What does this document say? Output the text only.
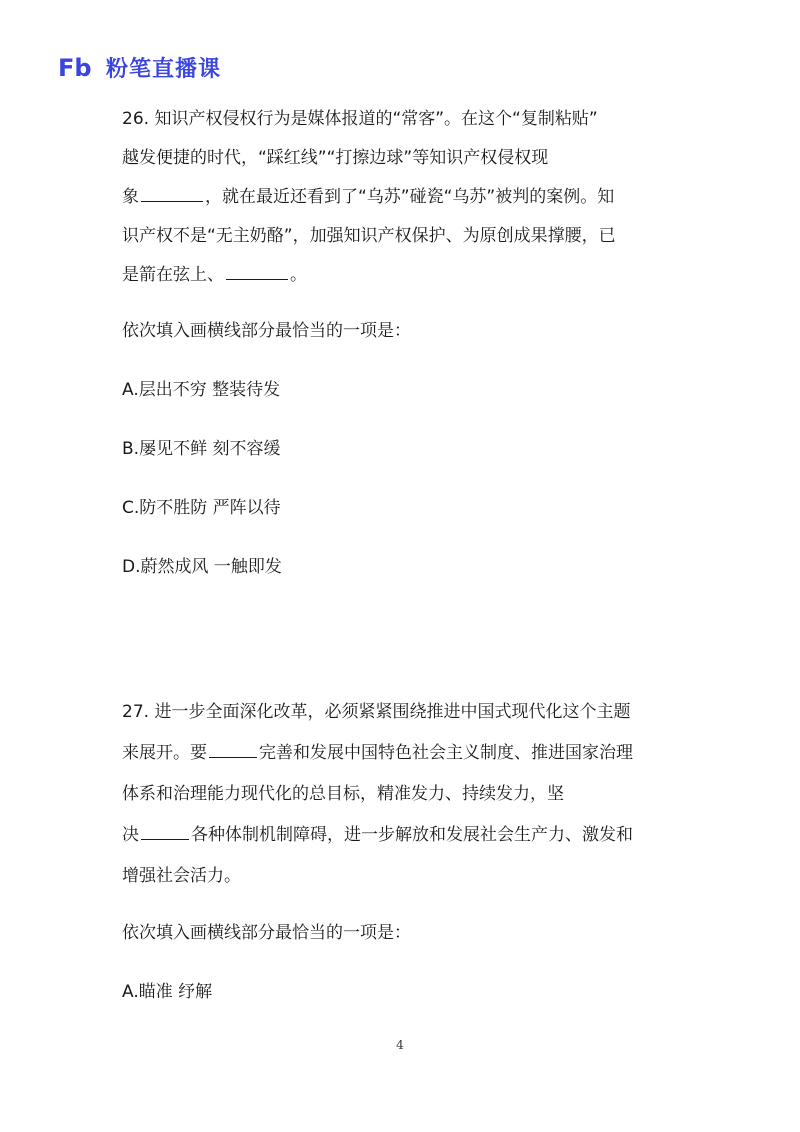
Fb 粉笔直播课
26. 知识产权侵权行为是媒体报道的“常客”。在这个“复制粘贴”
越发便捷的时代，“踩红线”“打擦边球”等知识产权侵权现
象	，就在最近还看到了“乌苏”碰瓷“乌苏”被判的案例。知
识产权不是“无主奶酪”，加强知识产权保护、为原创成果撑腰，已
是箭在弦上、	。
依次填入画横线部分最恰当的一项是：
A.层出不穷 整装待发
B.屡见不鲜 刻不容缓
C.防不胜防 严阵以待
D.蔚然成风 一触即发
27. 进一步全面深化改革，必须紧紧围绕推进中国式现代化这个主题
来展开。要	完善和发展中国特色社会主义制度、推进国家治理
体系和治理能力现代化的总目标，精准发力、持续发力，坚
决	各种体制机制障碍，进一步解放和发展社会生产力、激发和
增强社会活力。
依次填入画横线部分最恰当的一项是：
A.瞄准 纾解
4
